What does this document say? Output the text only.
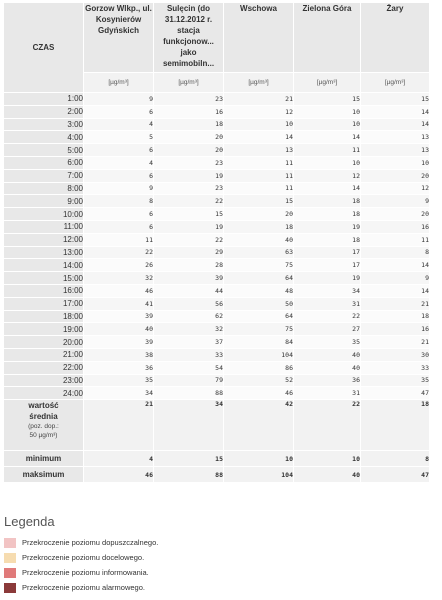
CZAS	Gorzow Wlkp., ul. Kosynierów Gdyńskich	Sulęcin (do 31.12.2012 r. stacja funkcjonow... jako semimobiln...	Wschowa	Zielona Góra	Żary
	[µg/m³]	[µg/m³]	[µg/m³]	[µg/m³]	[µg/m³]
1:00	9	23	21	15	15
2:00	6	16	12	10	14
3:00	4	18	10	10	14
4:00	5	20	14	14	13
5:00	6	20	13	11	13
6:00	4	23	11	10	10
7:00	6	19	11	12	20
8:00	9	23	11	14	12
9:00	8	22	15	18	9
10:00	6	15	20	18	20
11:00	6	19	18	19	16
12:00	11	22	40	18	11
13:00	22	29	63	17	8
14:00	26	28	75	17	14
15:00	32	39	64	19	9
16:00	46	44	48	34	14
17:00	41	56	50	31	21
18:00	39	62	64	22	18
19:00	40	32	75	27	16
20:00	39	37	84	35	21
21:00	38	33	104	40	30
22:00	36	54	86	40	33
23:00	35	79	52	36	35
24:00	34	88	46	31	47
wartość
średnia
(poz. dop.:
50 µg/m³)	21	34	42	22	18
minimum	4	15	10	10	8
maksimum	46	88	104	40	47
Legenda
Przekroczenie poziomu dopuszczalnego.
Przekroczenie poziomu docelowego.
Przekroczenie poziomu informowania.
Przekroczenie poziomu alarmowego.
